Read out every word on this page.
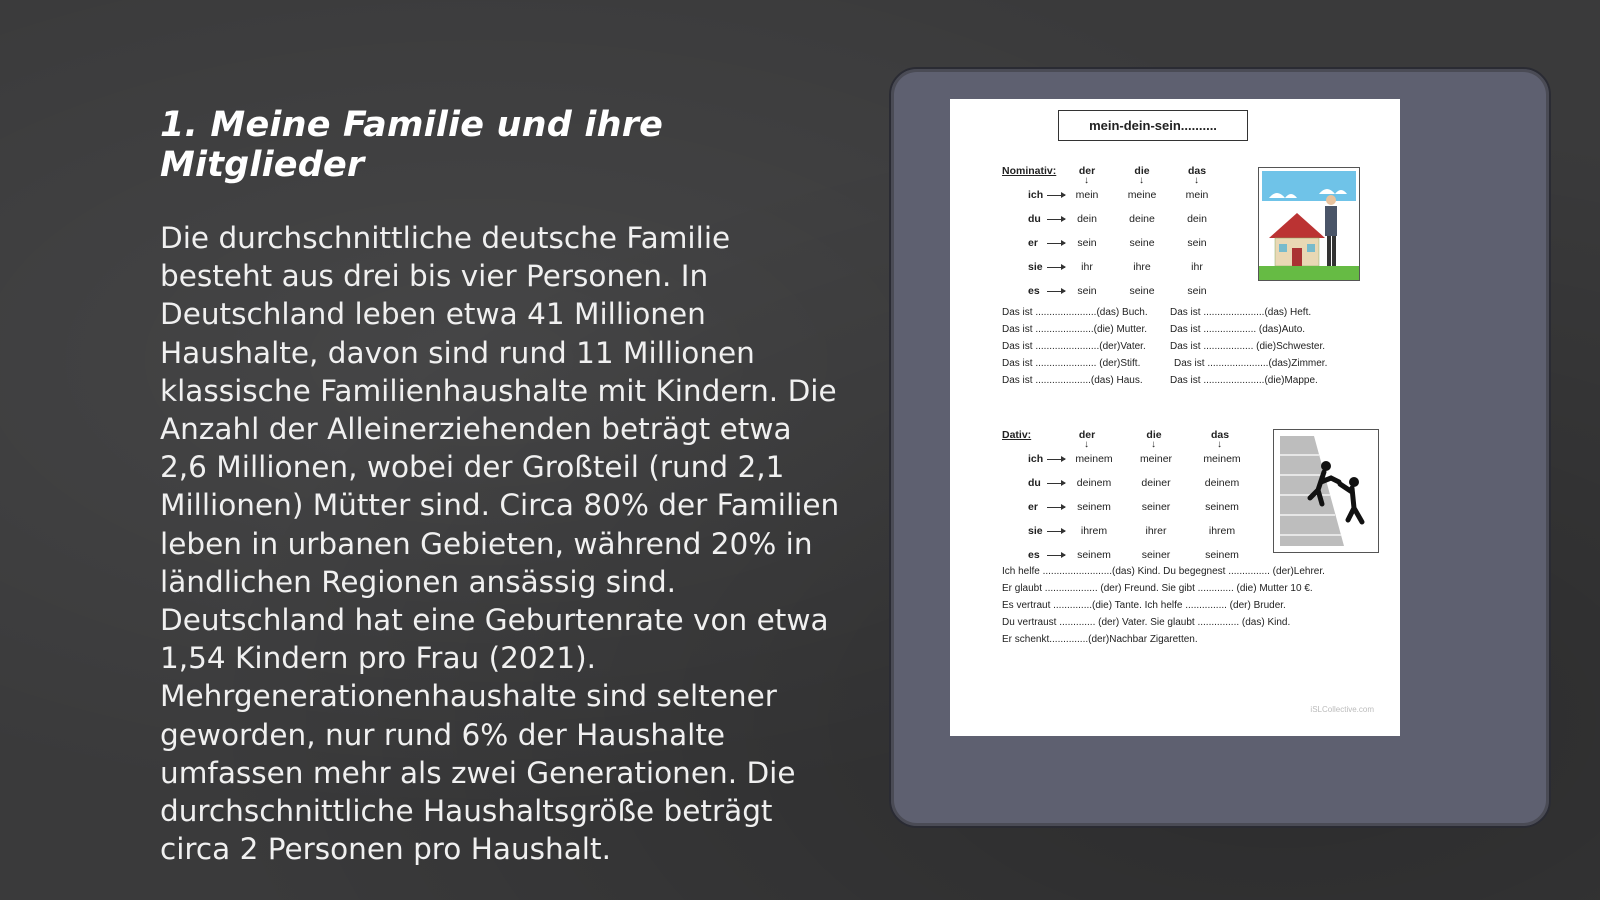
1. Meine Familie und ihre Mitglieder

Die durchschnittliche deutsche Familie besteht aus drei bis vier Personen. In Deutschland leben etwa 41 Millionen Haushalte, davon sind rund 11 Millionen klassische Familienhaushalte mit Kindern. Die Anzahl der Alleinerziehenden beträgt etwa 2,6 Millionen, wobei der Großteil (rund 2,1 Millionen) Mütter sind. Circa 80% der Familien leben in urbanen Gebieten, während 20% in ländlichen Regionen ansässig sind. Deutschland hat eine Geburtenrate von etwa 1,54 Kindern pro Frau (2021). Mehrgenerationenhaushalte sind seltener geworden, nur rund 6% der Haushalte umfassen mehr als zwei Generationen. Die durchschnittliche Haushaltsgröße beträgt circa 2 Personen pro Haushalt.

mein-dein-sein..........
Nominativ:	der	die	das
↓	↓	↓
ich	mein	meine	mein
du	dein	deine	dein
er	sein	seine	sein
sie	ihr	ihre	ihr
es	sein	seine	sein
Das ist ......................(das) Buch. Das ist ......................(das) Heft.
Das ist .....................(die) Mutter. Das ist ................... (das)Auto.
Das ist .......................(der)Vater. Das ist .................. (die)Schwester.
Das ist ...................... (der)Stift.	Das ist ......................(das)Zimmer.
Das ist ....................(das) Haus.	Das ist ......................(die)Mappe.
Dativ:	der	die	das
↓	↓	↓
ich	meinem	meiner	meinem
du	deinem	deiner	deinem
er	seinem	seiner	seinem
sie	ihrem	ihrer	ihrem
es	seinem	seiner	seinem
Ich helfe .........................(das) Kind. Du begegnest ............... (der)Lehrer.
Er glaubt ................... (der) Freund. Sie gibt ............. (die) Mutter 10 €.
Es vertraut ..............(die) Tante. Ich helfe ............... (der) Bruder.
Du vertraust ............. (der) Vater. Sie glaubt ............... (das) Kind.
Er schenkt..............(der)Nachbar Zigaretten.
iSLCollective.com
